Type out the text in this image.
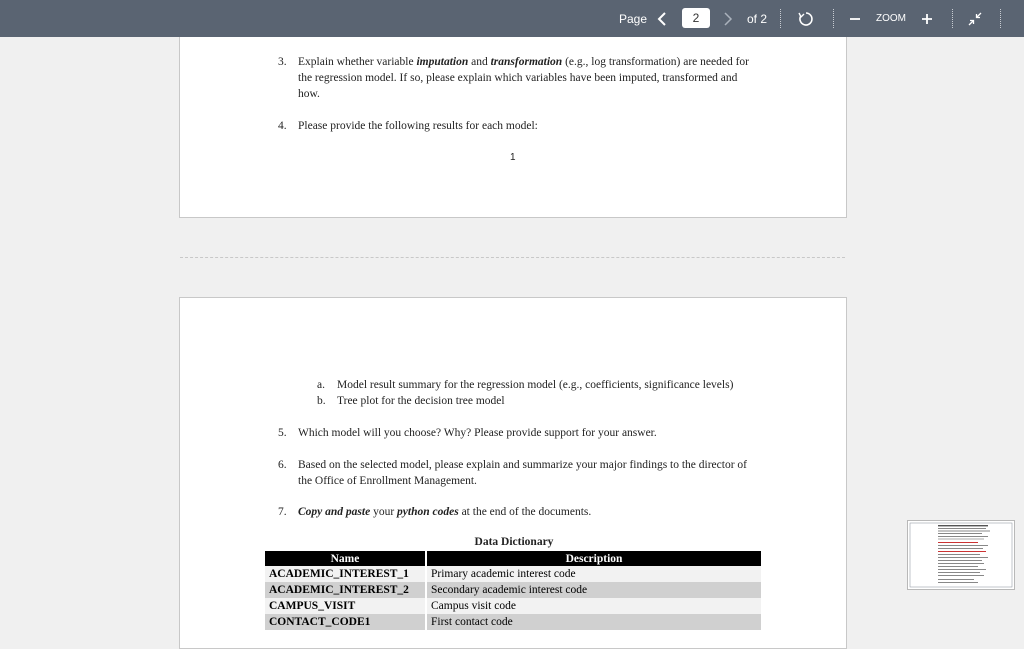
Page	2	of 2	ZOOM
3. Explain whether variable imputation and transformation (e.g., log transformation) are needed for
the regression model. If so, please explain which variables have been imputed, transformed and
how.
4. Please provide the following results for each model:
1
a. Model result summary for the regression model (e.g., coefficients, significance levels)
b. Tree plot for the decision tree model
5. Which model will you choose? Why? Please provide support for your answer.
6. Based on the selected model, please explain and summarize your major findings to the director of
the Office of Enrollment Management.
7. Copy and paste your python codes at the end of the documents.
Data Dictionary
Name	Description
ACADEMIC_INTEREST_1	Primary academic interest code
ACADEMIC_INTEREST_2	Secondary academic interest code
CAMPUS_VISIT	Campus visit code
CONTACT_CODE1	First contact code
